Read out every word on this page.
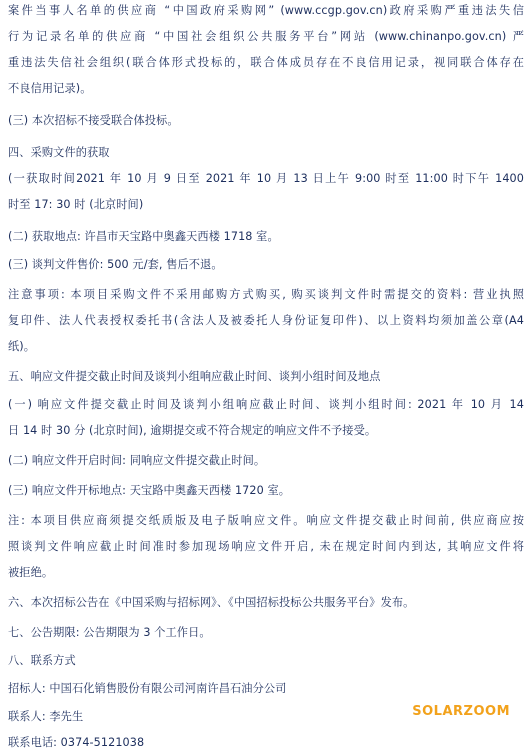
案件当事人名单的供应商 “中国政府采购网” (www.ccgp.gov.cn)政府采购严重违法失信
行为记录名单的供应商 “中国社会组织公共服务平台”网站 (www.chinanpo.gov.cn) 严
重违法失信社会组织(联合体形式投标的，联合体成员存在不良信用记录，视同联合体存在
不良信用记录)。
(三) 本次招标不接受联合体投标。
四、采购文件的获取
(一获取时间2021 年 10 月 9 日至 2021 年 10 月 13 日上午 9:00 时至 11:00 时下午 1400
时至 17: 30 时 (北京时间)
(二) 获取地点: 许昌市天宝路中奥鑫天西楼 1718 室。
(三) 谈判文件售价: 500 元/套, 售后不退。
注意事项: 本项目采购文件不采用邮购方式购买, 购买谈判文件时需提交的资料: 营业执照
复印件、法人代表授权委托书(含法人及被委托人身份证复印件)、以上资料均须加盖公章(A4
纸)。
五、响应文件提交截止时间及谈判小组响应截止时间、谈判小组时间及地点
(一) 响应文件提交截止时间及谈判小组响应截止时间、谈判小组时间: 2021 年 10 月 14
日 14 时 30 分 (北京时间), 逾期提交或不符合规定的响应文件不予接受。
(二) 响应文件开启时间: 同响应文件提交截止时间。
(三) 响应文件开标地点: 天宝路中奥鑫天西楼 1720 室。
注: 本项目供应商须提交纸质版及电子版响应文件。响应文件提交截止时间前, 供应商应按
照谈判文件响应截止时间准时参加现场响应文件开启, 未在规定时间内到达, 其响应文件将
被拒绝。
六、本次招标公告在《中国采购与招标网》、《中国招标投标公共服务平台》发布。
七、公告期限: 公告期限为 3 个工作日。
八、联系方式
招标人: 中国石化销售股份有限公司河南许昌石油分公司
联系人: 李先生
联系电话: 0374-5121038
SOLARZOOM
